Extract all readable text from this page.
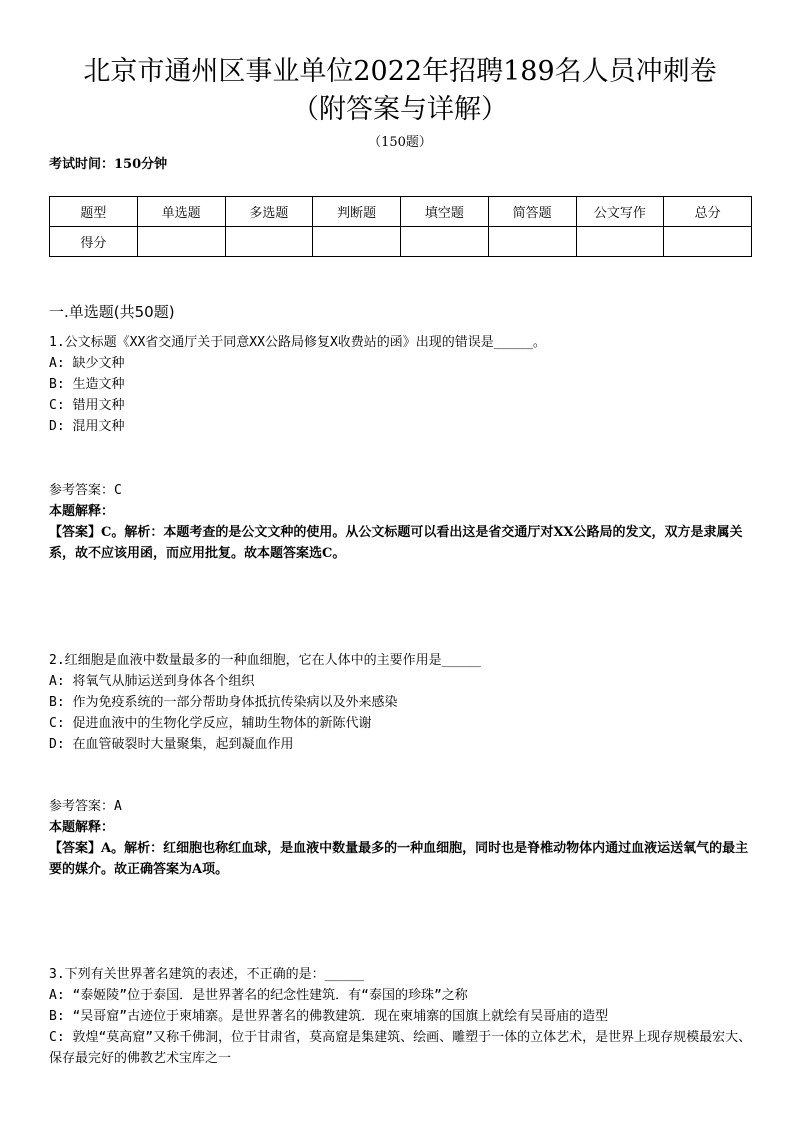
北京市通州区事业单位2022年招聘189名人员冲刺卷
（附答案与详解）
（150题）
考试时间：150分钟
题型	单选题	多选题	判断题	填空题	简答题	公文写作	总分
得分							
一.单选题(共50题)
1.公文标题《XX省交通厅关于同意XX公路局修复X收费站的函》出现的错误是_____。
A: 缺少文种
B: 生造文种
C: 错用文种
D: 混用文种
参考答案：C
本题解释：
【答案】C。解析：本题考查的是公文文种的使用。从公文标题可以看出这是省交通厅对XX公路局的发文，双方是隶属关系，故不应该用函，而应用批复。故本题答案选C。
2.红细胞是血液中数量最多的一种血细胞，它在人体中的主要作用是_____
A: 将氧气从肺运送到身体各个组织
B: 作为免疫系统的一部分帮助身体抵抗传染病以及外来感染
C: 促进血液中的生物化学反应，辅助生物体的新陈代谢
D: 在血管破裂时大量聚集，起到凝血作用
参考答案：A
本题解释：
【答案】A。解析：红细胞也称红血球，是血液中数量最多的一种血细胞，同时也是脊椎动物体内通过血液运送氧气的最主要的媒介。故正确答案为A项。
3.下列有关世界著名建筑的表述，不正确的是：_____
A: “泰姬陵”位于泰国．是世界著名的纪念性建筑．有“泰国的珍珠”之称
B: “吴哥窟”古迹位于柬埔寨。是世界著名的佛教建筑．现在柬埔寨的国旗上就绘有吴哥庙的造型
C: 敦煌“莫高窟”又称千佛洞，位于甘肃省，莫高窟是集建筑、绘画、雕塑于一体的立体艺术，是世界上现存规模最宏大、保存最完好的佛教艺术宝库之一
